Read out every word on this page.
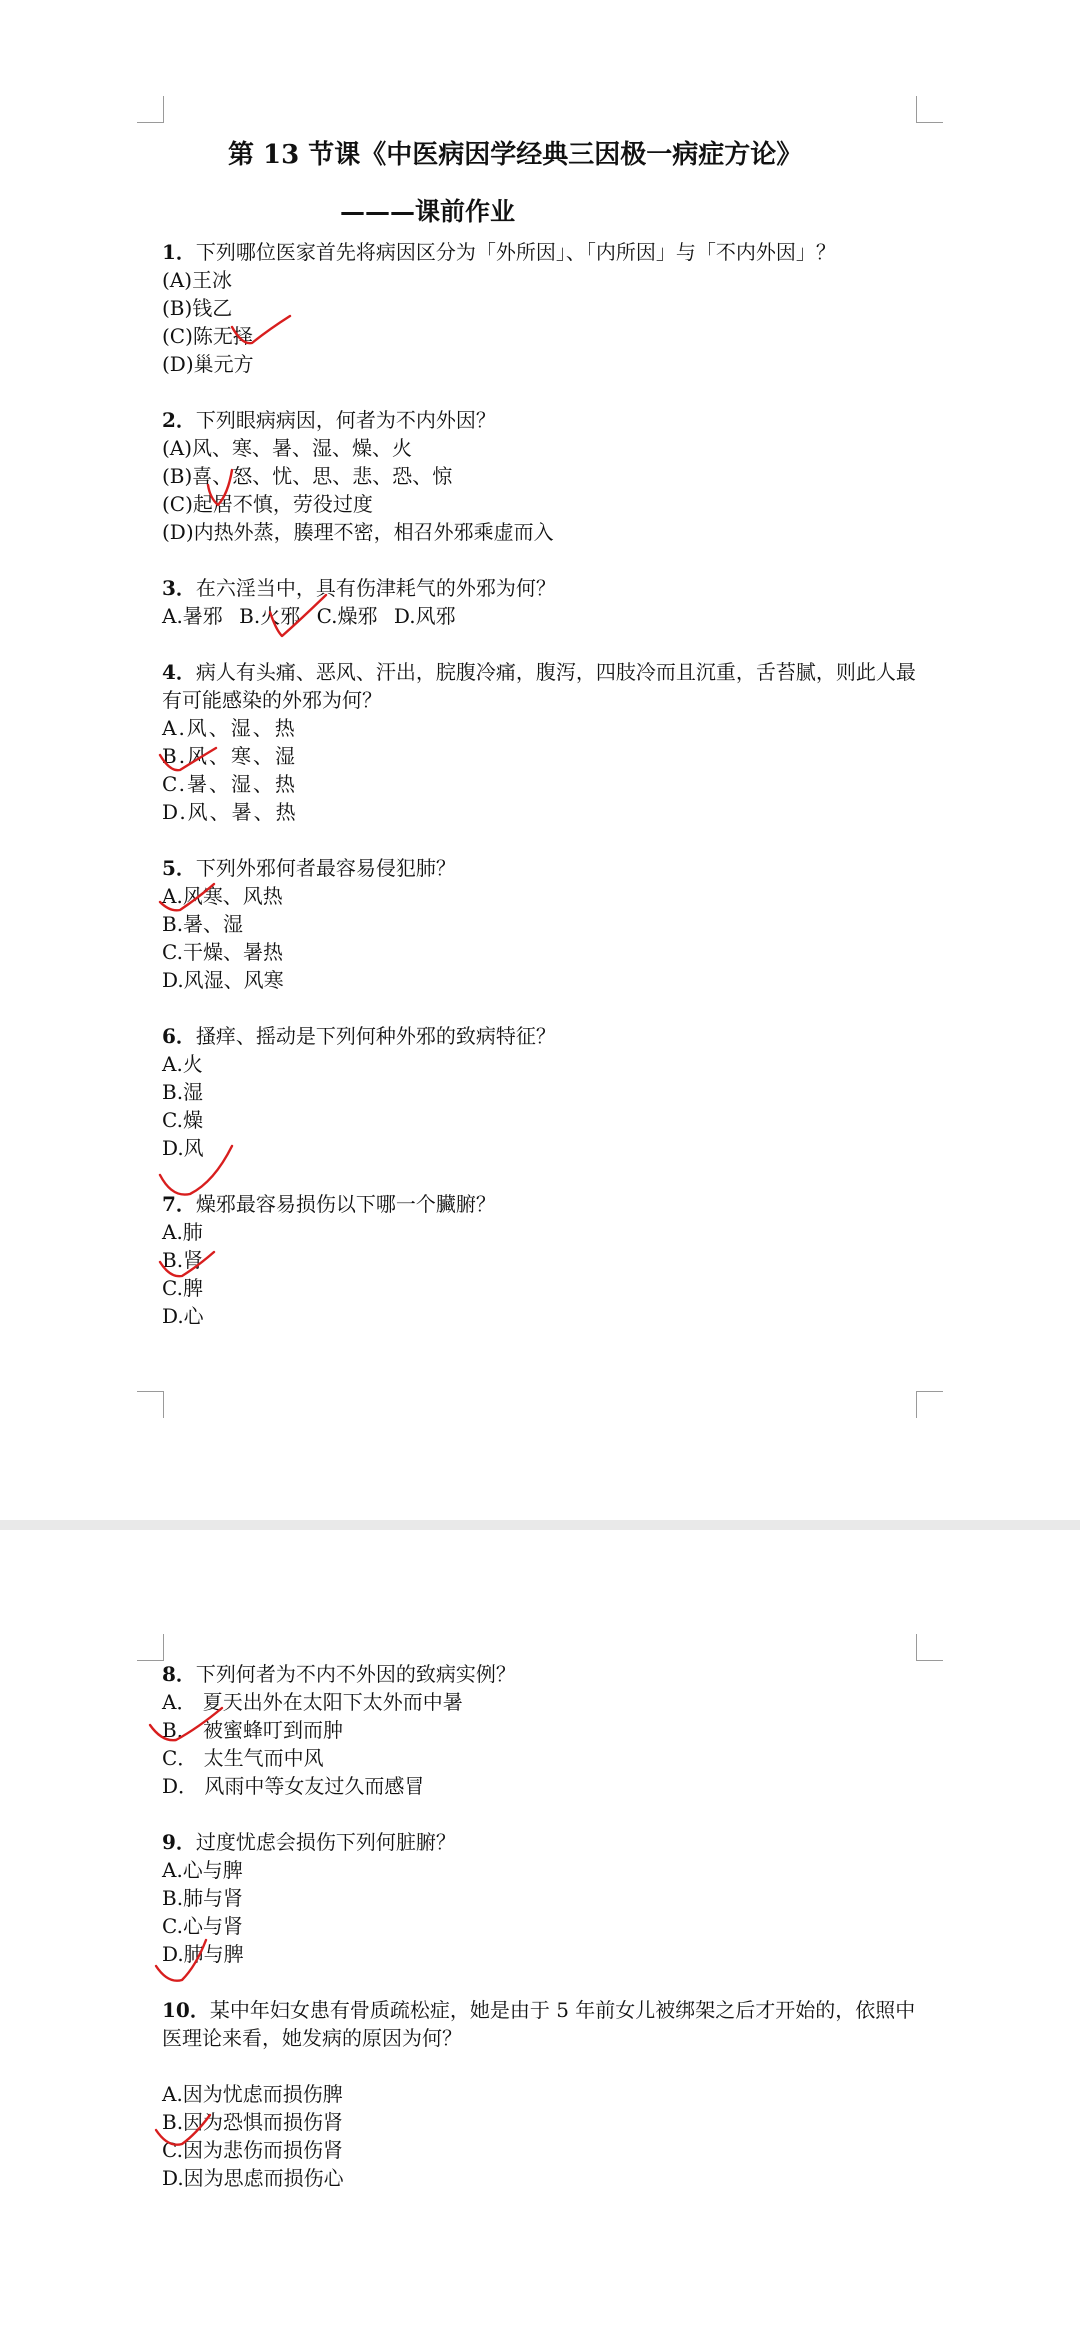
第 13 节课《中医病因学经典三因极一病症方论》
———课前作业
1．下列哪位医家首先将病因区分为「外所因」、「内所因」与「不内外因」？
(A)王冰
(B)钱乙
(C)陈无择
(D)巢元方
2．下列眼病病因，何者为不内外因？
(A)风、寒、暑、湿、燥、火
(B)喜、怒、忧、思、悲、恐、惊
(C)起居不慎，劳役过度
(D)内热外蒸，腠理不密，相召外邪乘虚而入
3．在六淫当中，具有伤津耗气的外邪为何？
A.暑邪 B.火邪 C.燥邪 D.风邪
4．病人有头痛、恶风、汗出，脘腹冷痛，腹泻，四肢冷而且沉重，舌苔腻，则此人最有可能感染的外邪为何？
A.风、湿、热
B.风、寒、湿
C.暑、湿、热
D.风、暑、热
5．下列外邪何者最容易侵犯肺？
A.风寒、风热
B.暑、湿
C.干燥、暑热
D.风湿、风寒
6．搔痒、摇动是下列何种外邪的致病特征？
A.火
B.湿
C.燥
D.风
7．燥邪最容易损伤以下哪一个臟腑？
A.肺
B.肾
C.脾
D.心
8．下列何者为不内不外因的致病实例？
A． 夏天出外在太阳下太外而中暑
B． 被蜜蜂叮到而肿
C． 太生气而中风
D． 风雨中等女友过久而感冒
9．过度忧虑会损伤下列何脏腑？
A.心与脾
B.肺与肾
C.心与肾
D.肺与脾
10．某中年妇女患有骨质疏松症，她是由于 5 年前女儿被绑架之后才开始的，依照中医理论来看，她发病的原因为何？
A.因为忧虑而损伤脾
B.因为恐惧而损伤肾
C.因为悲伤而损伤肾
D.因为思虑而损伤心
